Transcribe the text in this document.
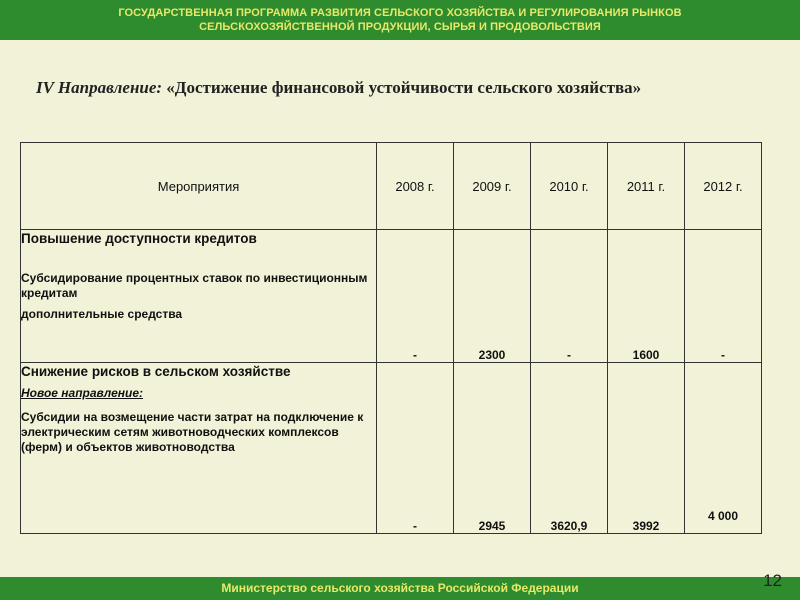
ГОСУДАРСТВЕННАЯ ПРОГРАММА РАЗВИТИЯ СЕЛЬСКОГО ХОЗЯЙСТВА И РЕГУЛИРОВАНИЯ РЫНКОВ
СЕЛЬСКОХОЗЯЙСТВЕННОЙ ПРОДУКЦИИ, СЫРЬЯ И ПРОДОВОЛЬСТВИЯ
IV Направление: «Достижение финансовой устойчивости сельского хозяйства»
Мероприятия	2008 г.	2009 г.	2010 г.	2011 г.	2012 г.

Повышение доступности кредитов
Субсидирование процентных ставок по инвестиционным кредитам
дополнительные средства	-	2300	-	1600	-

Снижение рисков в сельском хозяйстве
Новое направление:
Субсидии на возмещение части затрат на подключение к электрическим сетям животноводческих комплексов (ферм) и объектов животноводства	-	2945	3620,9	3992	4 000
Министерство сельского хозяйства Российской Федерации	12
